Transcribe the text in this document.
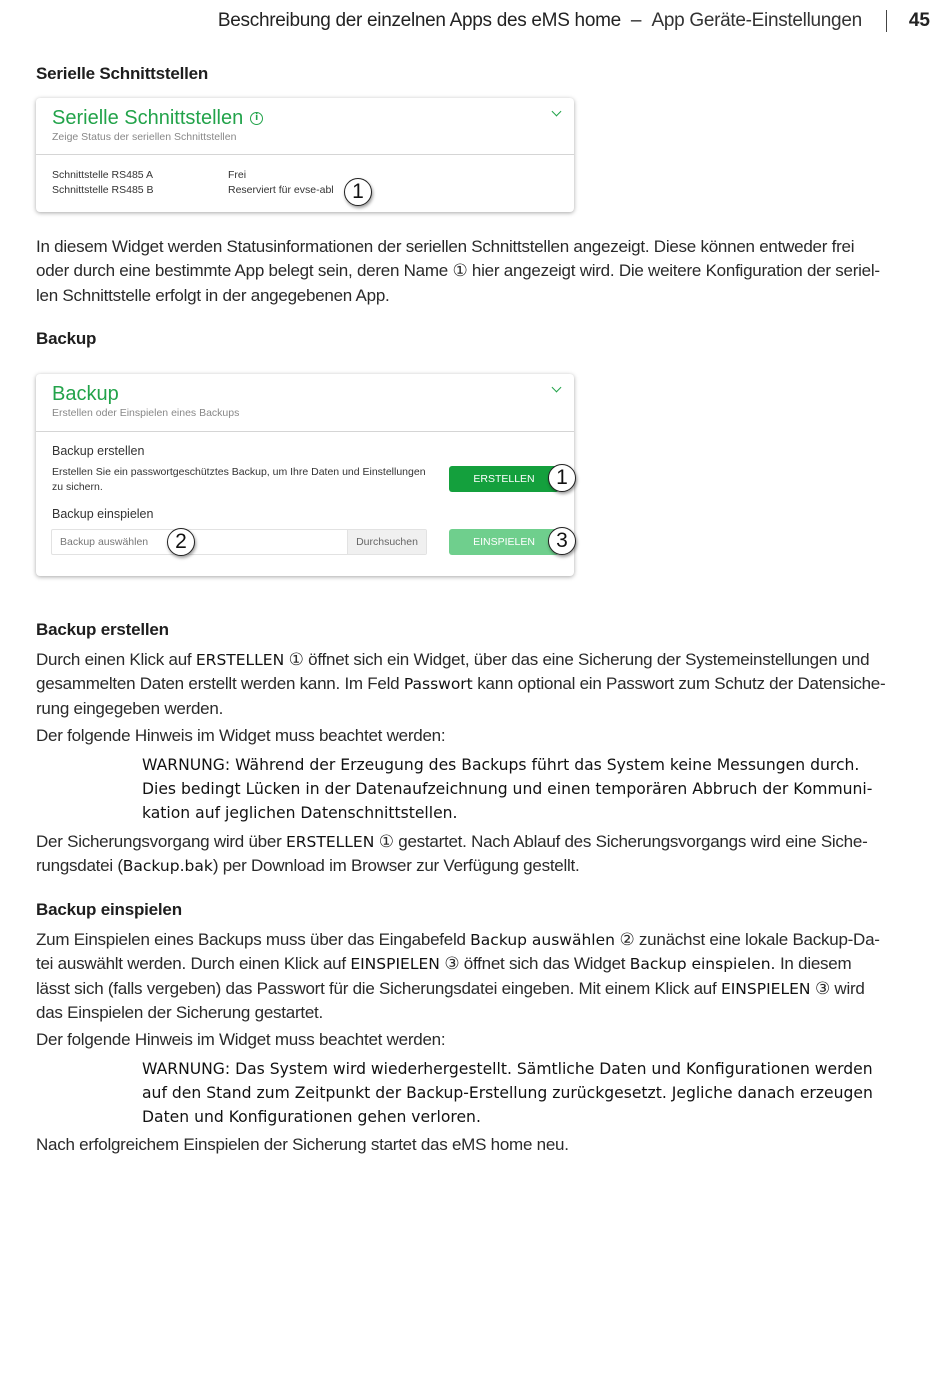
Beschreibung der einzelnen Apps des eMS home – App Geräte-Einstellungen 45
Serielle Schnittstellen
Serielle Schnittstellen	i
Zeige Status der seriellen Schnittstellen
Schnittstelle RS485 A	Frei
Schnittstelle RS485 B	Reserviert für evse-abl 1

In diesem Widget werden Statusinformationen der seriellen Schnittstellen angezeigt. Diese können entweder frei oder durch eine bestimmte App belegt sein, deren Name ① hier angezeigt wird. Die weitere Konfiguration der seriellen Schnittstelle erfolgt in der angegebenen App.

Backup
Backup
Erstellen oder Einspielen eines Backups
Backup erstellen
Erstellen Sie ein passwortgeschütztes Backup, um Ihre Daten und Einstellungen
zu sichern.
ERSTELLEN	1
Backup einspielen
Backup auswählen	Durchsuchen
2	EINSPIELEN	3
Backup erstellen

Durch einen Klick auf ERSTELLEN ① öffnet sich ein Widget, über das eine Sicherung der Systemeinstellungen und gesammelten Daten erstellt werden kann. Im Feld Passwort kann optional ein Passwort zum Schutz der Datensicherung eingegeben werden.

Der folgende Hinweis im Widget muss beachtet werden:

WARNUNG: Während der Erzeugung des Backups führt das System keine Messungen durch. Dies bedingt Lücken in der Datenaufzeichnung und einen temporären Abbruch der Kommunikation auf jeglichen Datenschnittstellen.

Der Sicherungsvorgang wird über ERSTELLEN ① gestartet. Nach Ablauf des Sicherungsvorgangs wird eine Sicherungsdatei (Backup.bak) per Download im Browser zur Verfügung gestellt.

Backup einspielen

Zum Einspielen eines Backups muss über das Eingabefeld Backup auswählen ② zunächst eine lokale Backup-Datei auswählt werden. Durch einen Klick auf EINSPIELEN ③ öffnet sich das Widget Backup einspielen. In diesem lässt sich (falls vergeben) das Passwort für die Sicherungsdatei eingeben. Mit einem Klick auf EINSPIELEN ③ wird das Einspielen der Sicherung gestartet.

Der folgende Hinweis im Widget muss beachtet werden:

WARNUNG: Das System wird wiederhergestellt. Sämtliche Daten und Konfigurationen werden auf den Stand zum Zeitpunkt der Backup-Erstellung zurückgesetzt. Jegliche danach erzeugen Daten und Konfigurationen gehen verloren.

Nach erfolgreichem Einspielen der Sicherung startet das eMS home neu.
